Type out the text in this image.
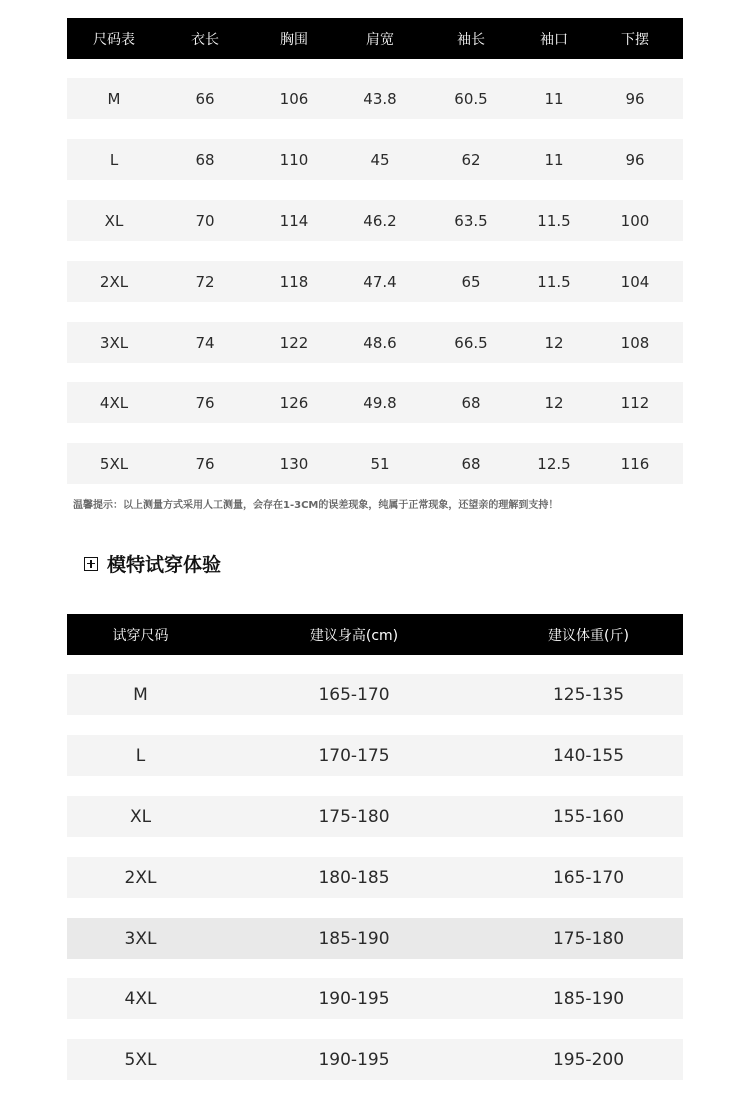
尺码表	衣长	胸围	肩宽	袖长	袖口	下摆
M	66	106	43.8	60.5	11	96
L	68	110	45	62	11	96
XL	70	114	46.2	63.5	11.5	100
2XL	72	118	47.4	65	11.5	104
3XL	74	122	48.6	66.5	12	108
4XL	76	126	49.8	68	12	112
5XL	76	130	51	68	12.5	116
温馨提示：以上测量方式采用人工测量，会存在1-3CM的误差现象，纯属于正常现象，还望亲的理解到支持！
模特试穿体验
试穿尺码	建议身高(cm)	建议体重(斤)
M	165-170	125-135
L	170-175	140-155
XL	175-180	155-160
2XL	180-185	165-170
3XL	185-190	175-180
4XL	190-195	185-190
5XL	190-195	195-200
